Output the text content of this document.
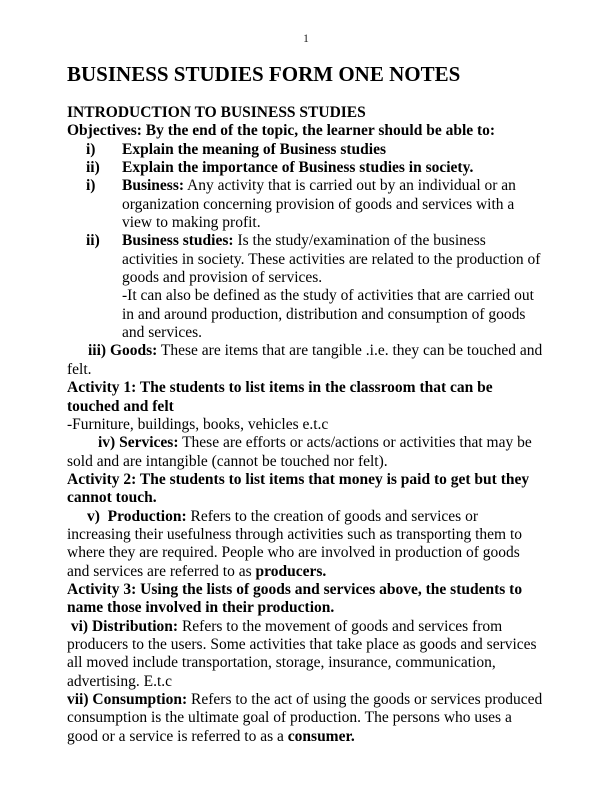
1
BUSINESS STUDIES FORM ONE NOTES
INTRODUCTION TO BUSINESS STUDIES
Objectives: By the end of the topic, the learner should be able to:
i) Explain the meaning of Business studies
ii) Explain the importance of Business studies in society.
i) Business: Any activity that is carried out by an individual or an organization concerning provision of goods and services with a view to making profit.
ii) Business studies: Is the study/examination of the business activities in society. These activities are related to the production of goods and provision of services.
-It can also be defined as the study of activities that are carried out in and around production, distribution and consumption of goods and services.
iii) Goods: These are items that are tangible .i.e. they can be touched and felt.
Activity 1: The students to list items in the classroom that can be touched and felt
-Furniture, buildings, books, vehicles e.t.c
iv) Services: These are efforts or acts/actions or activities that may be sold and are intangible (cannot be touched nor felt).
Activity 2: The students to list items that money is paid to get but they cannot touch.
v)  Production: Refers to the creation of goods and services or increasing their usefulness through activities such as transporting them to where they are required. People who are involved in production of goods and services are referred to as producers.
Activity 3: Using the lists of goods and services above, the students to name those involved in their production.
vi) Distribution: Refers to the movement of goods and services from producers to the users. Some activities that take place as goods and services all moved include transportation, storage, insurance, communication, advertising. E.t.c
vii) Consumption: Refers to the act of using the goods or services produced consumption is the ultimate goal of production. The persons who uses a good or a service is referred to as a consumer.
